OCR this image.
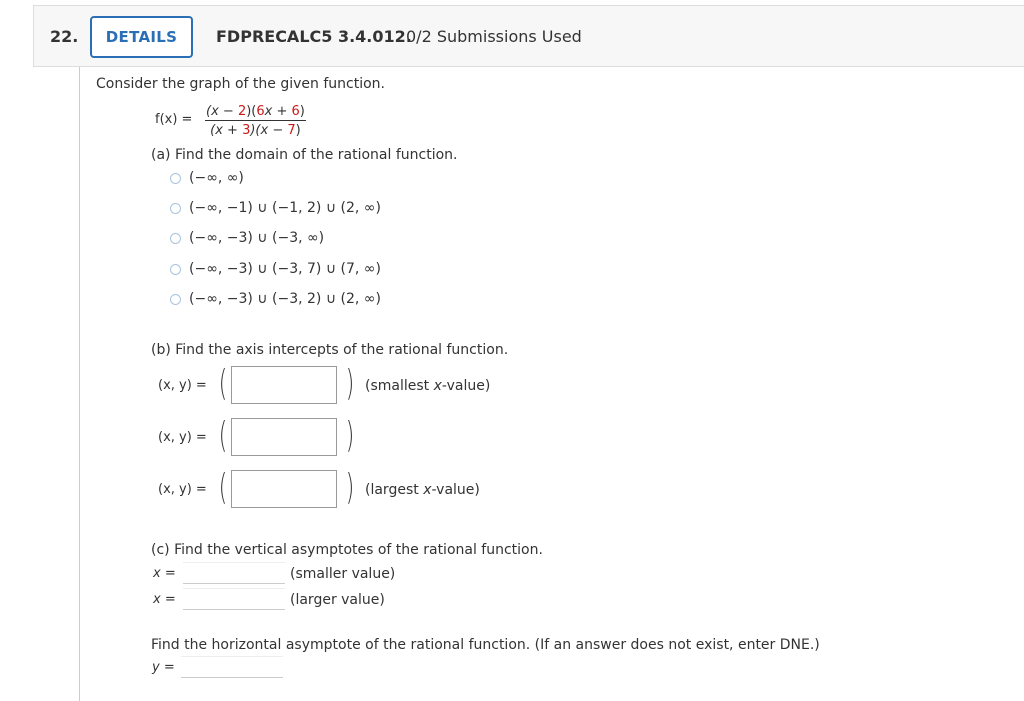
22.	DETAILS	FDPRECALC5 3.4.012.
0/2 Submissions Used
Consider the graph of the given function.
$f(x) = \frac{(x - 2)(6x + 6)}{(x + 3)(x - 7)}$
(a) Find the domain of the rational function.
(−∞, ∞)
(−∞, −1) ∪ (−1, 2) ∪ (2, ∞)
(−∞, −3) ∪ (−3, ∞)
(−∞, −3) ∪ (−3, 7) ∪ (7, ∞)
(−∞, −3) ∪ (−3, 2) ∪ (2, ∞)
(b) Find the axis intercepts of the rational function.
(x, y) = (	) (smallest x-value)
(x, y) = (	)
(x, y) = (	) (largest x-value)
(c) Find the vertical asymptotes of the rational function.
x =	(smaller value)
x =	(larger value)
Find the horizontal asymptote of the rational function. (If an answer does not exist, enter DNE.)
y =
